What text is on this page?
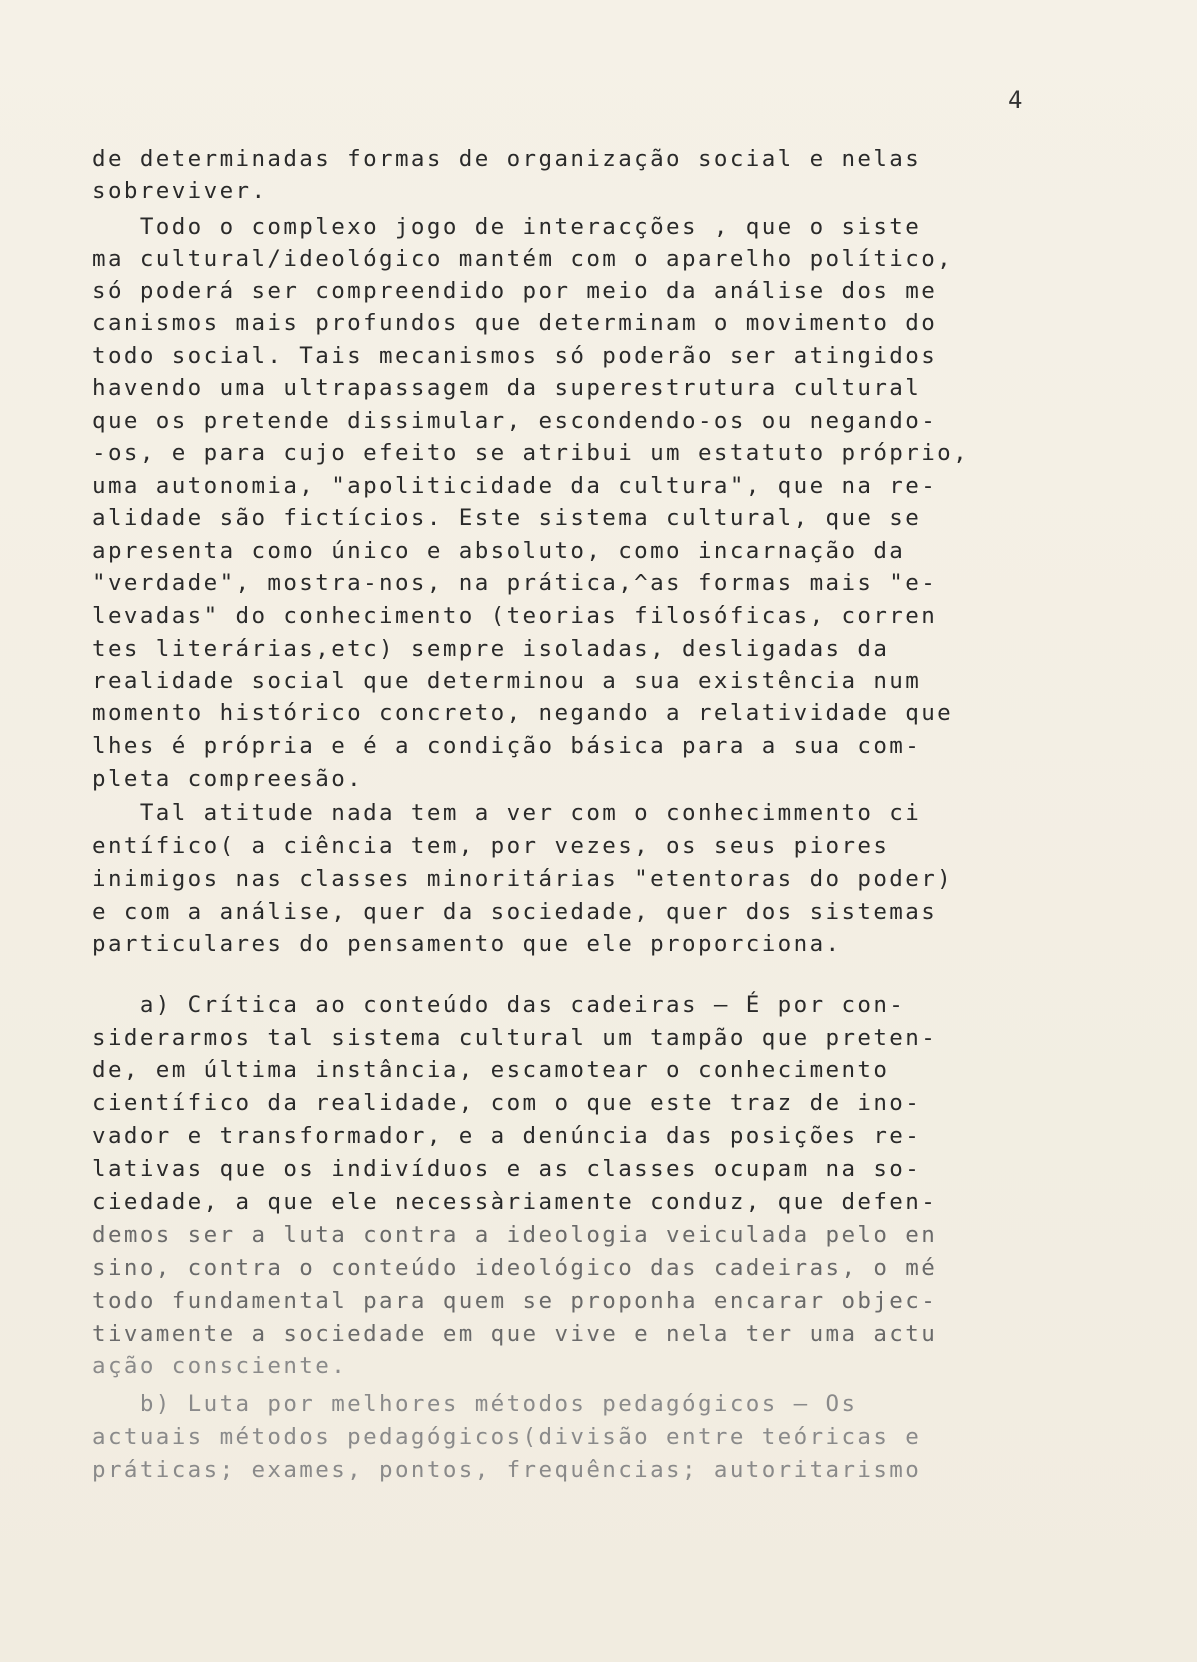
4
de determinadas formas de organização social e nelas
sobreviver.
Todo o complexo jogo de interacções , que o siste
ma cultural/ideológico mantém com o aparelho político,
só poderá ser compreendido por meio da análise dos me
canismos mais profundos que determinam o movimento do
todo social. Tais mecanismos só poderão ser atingidos
havendo uma ultrapassagem da superestrutura cultural
que os pretende dissimular, escondendo-os ou negando-
-os, e para cujo efeito se atribui um estatuto próprio,
uma autonomia, "apoliticidade da cultura", que na re-
alidade são fictícios. Este sistema cultural, que se
apresenta como único e absoluto, como incarnação da
"verdade", mostra-nos, na prática,^as formas mais "e-
levadas" do conhecimento (teorias filosóficas, corren
tes literárias,etc) sempre isoladas, desligadas da
realidade social que determinou a sua existência num
momento histórico concreto, negando a relatividade que
lhes é própria e é a condição básica para a sua com-
pleta compreesão.
Tal atitude nada tem a ver com o conhecimmento ci
entífico( a ciência tem, por vezes, os seus piores
inimigos nas classes minoritárias "etentoras do poder)
e com a análise, quer da sociedade, quer dos sistemas
particulares do pensamento que ele proporciona.
a) Crítica ao conteúdo das cadeiras — É por con-
siderarmos tal sistema cultural um tampão que preten-
de, em última instância, escamotear o conhecimento
científico da realidade, com o que este traz de ino-
vador e transformador, e a denúncia das posições re-
lativas que os indivíduos e as classes ocupam na so-
ciedade, a que ele necessàriamente conduz, que defen-
demos ser a luta contra a ideologia veiculada pelo en
sino, contra o conteúdo ideológico das cadeiras, o mé
todo fundamental para quem se proponha encarar objec-
tivamente a sociedade em que vive e nela ter uma actu
ação consciente.
b) Luta por melhores métodos pedagógicos — Os
actuais métodos pedagógicos(divisão entre teóricas e
práticas; exames, pontos, frequências; autoritarismo
